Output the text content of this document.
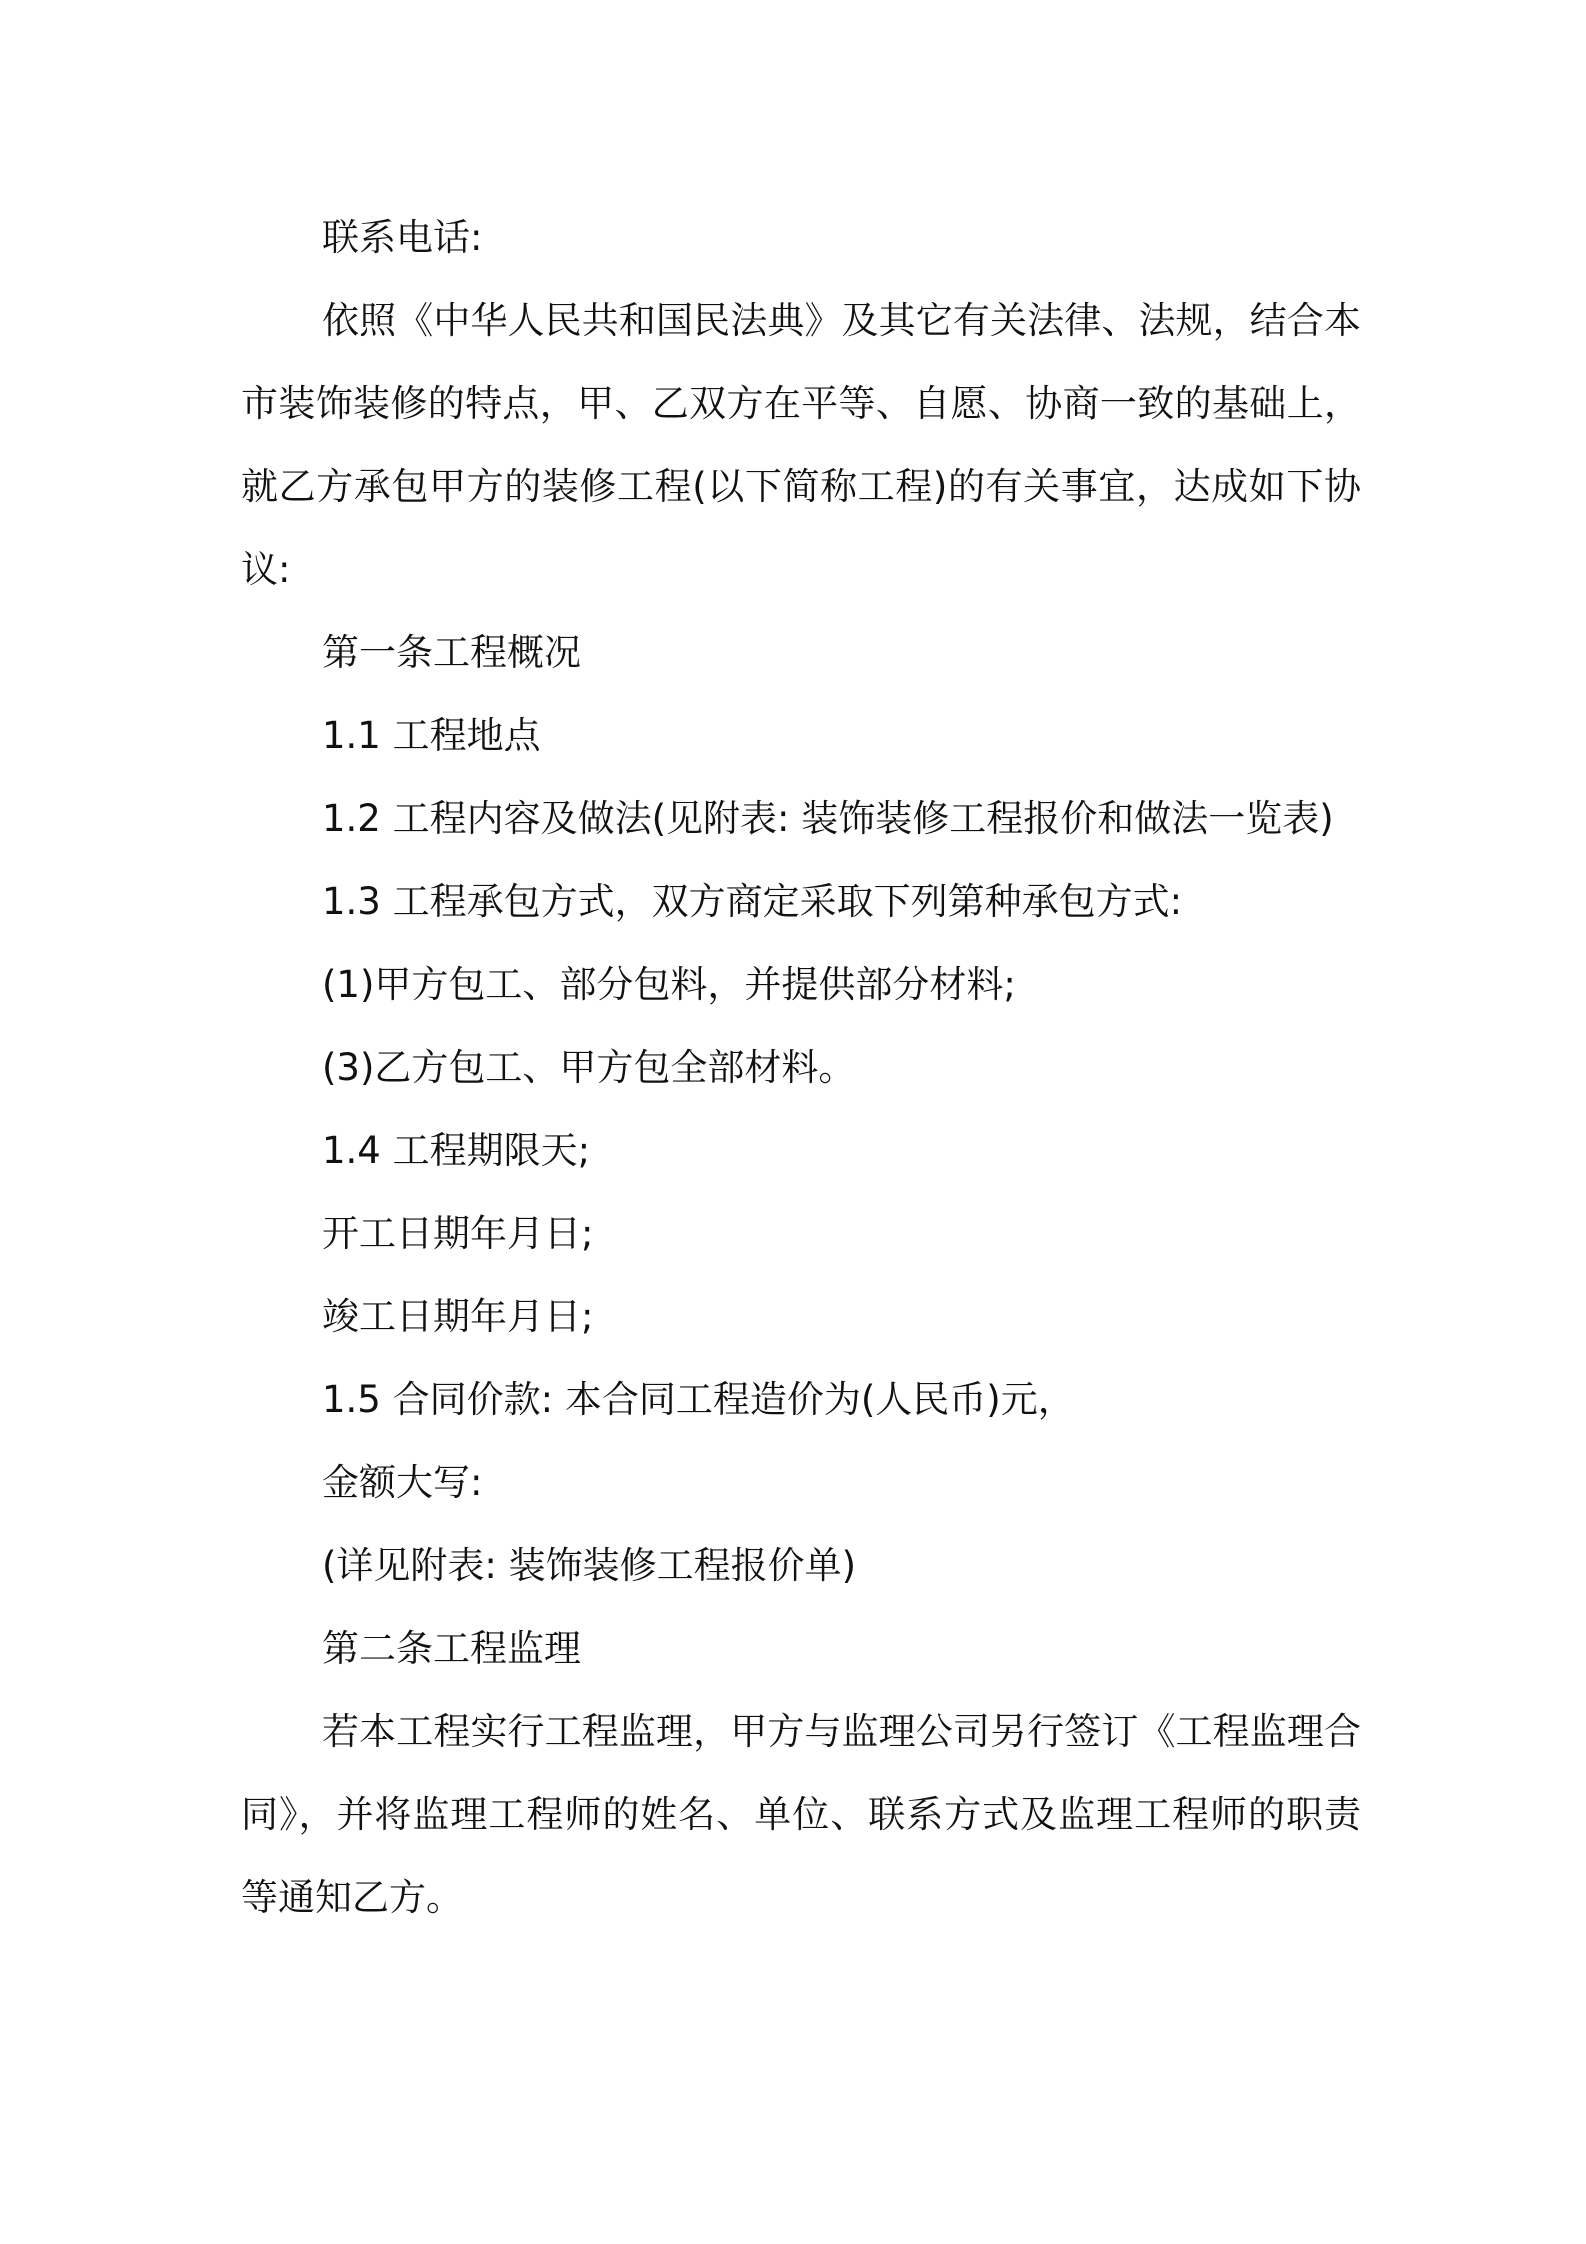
联系电话:

依照《中华人民共和国民法典》及其它有关法律、法规，结合本市装饰装修的特点，甲、乙双方在平等、自愿、协商一致的基础上，就乙方承包甲方的装修工程(以下简称工程)的有关事宜，达成如下协议:

第一条工程概况

1.1 工程地点

1.2 工程内容及做法(见附表: 装饰装修工程报价和做法一览表)

1.3 工程承包方式，双方商定采取下列第种承包方式:

(1)甲方包工、部分包料，并提供部分材料;

(3)乙方包工、甲方包全部材料。

1.4 工程期限天;

开工日期年月日;

竣工日期年月日;

1.5 合同价款: 本合同工程造价为(人民币)元，

金额大写:

(详见附表: 装饰装修工程报价单)

第二条工程监理

若本工程实行工程监理，甲方与监理公司另行签订《工程监理合同》，并将监理工程师的姓名、单位、联系方式及监理工程师的职责等通知乙方。
